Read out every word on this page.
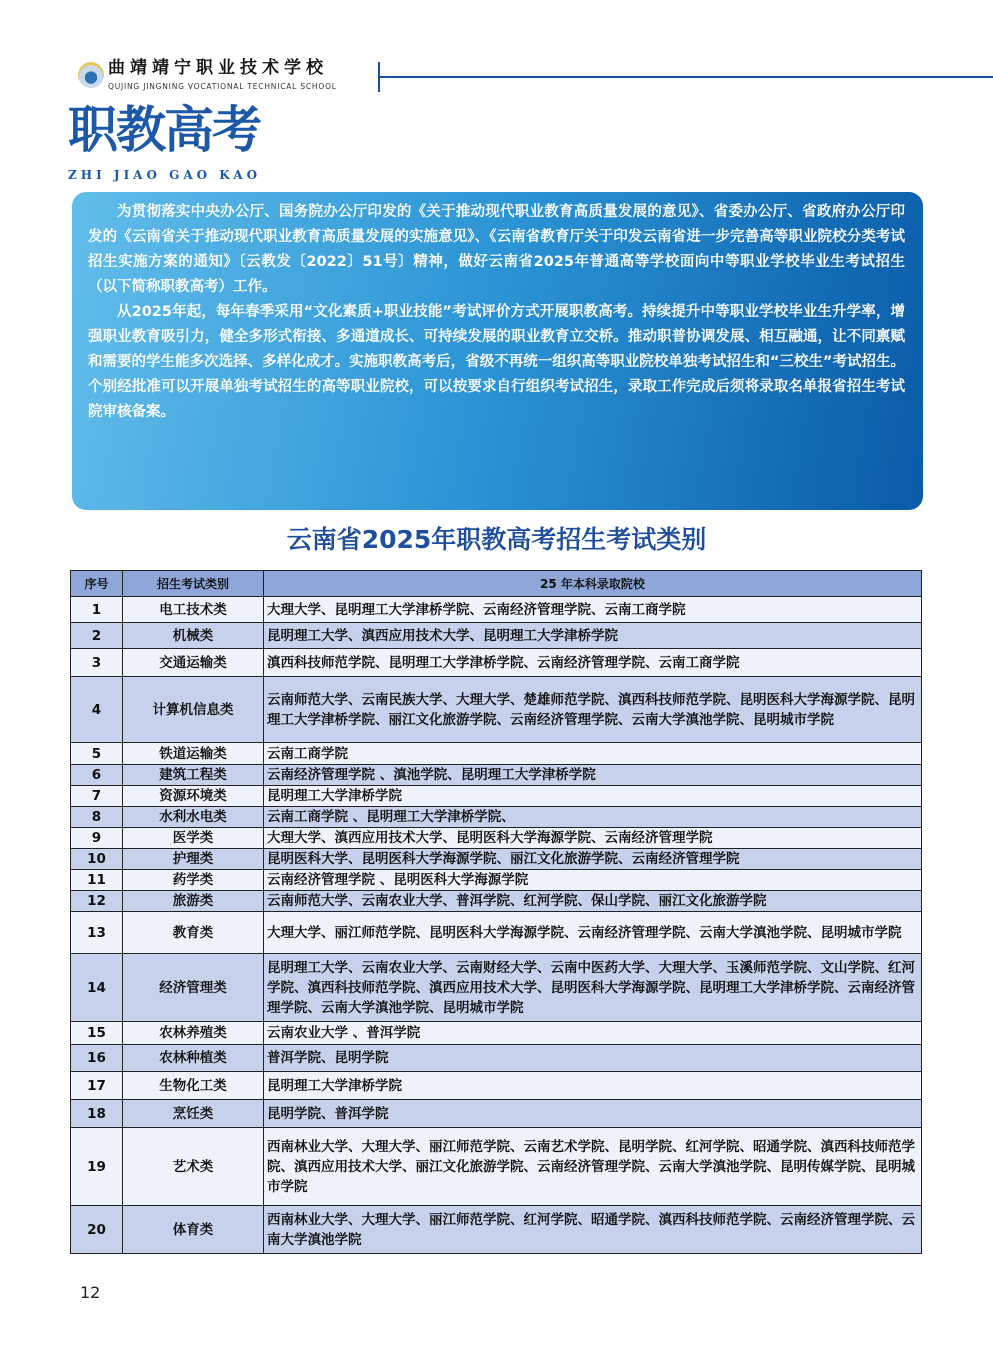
曲靖靖宁职业技术学校
QUJING JINGNING VOCATIONAL TECHNICAL SCHOOL
职教高考
ZHI JIAO GAO KAO

为贯彻落实中央办公厅、国务院办公厅印发的《关于推动现代职业教育高质量发展的意见》、省委办公厅、省政府办公厅印发的《云南省关于推动现代职业教育高质量发展的实施意见》、《云南省教育厅关于印发云南省进一步完善高等职业院校分类考试招生实施方案的通知》〔云教发〔2022〕51号〕精神，做好云南省2025年普通高等学校面向中等职业学校毕业生考试招生（以下简称职教高考）工作。

从2025年起，每年春季采用“文化素质+职业技能”考试评价方式开展职教高考。持续提升中等职业学校毕业生升学率，增强职业教育吸引力，健全多形式衔接、多通道成长、可持续发展的职业教育立交桥。推动职普协调发展、相互融通，让不同禀赋和需要的学生能多次选择、多样化成才。实施职教高考后，省级不再统一组织高等职业院校单独考试招生和“三校生”考试招生。个别经批准可以开展单独考试招生的高等职业院校，可以按要求自行组织考试招生，录取工作完成后须将录取名单报省招生考试院审核备案。

云南省2025年职教高考招生考试类别
序号	招生考试类别	25 年本科录取院校
1	电工技术类	大理大学、昆明理工大学津桥学院、云南经济管理学院、云南工商学院
2	机械类	昆明理工大学、滇西应用技术大学、昆明理工大学津桥学院
3	交通运输类	滇西科技师范学院、昆明理工大学津桥学院、云南经济管理学院、云南工商学院
4	计算机信息类	云南师范大学、云南民族大学、大理大学、楚雄师范学院、滇西科技师范学院、昆明医科大学海源学院、昆明理工大学津桥学院、丽江文化旅游学院、云南经济管理学院、云南大学滇池学院、昆明城市学院
5	铁道运输类	云南工商学院
6	建筑工程类	云南经济管理学院 、滇池学院、昆明理工大学津桥学院
7	资源环境类	昆明理工大学津桥学院
8	水利水电类	云南工商学院 、昆明理工大学津桥学院、
9	医学类	大理大学、滇西应用技术大学、昆明医科大学海源学院、云南经济管理学院
10	护理类	昆明医科大学、昆明医科大学海源学院、丽江文化旅游学院、云南经济管理学院
11	药学类	云南经济管理学院 、昆明医科大学海源学院
12	旅游类	云南师范大学、云南农业大学、普洱学院、红河学院、保山学院、丽江文化旅游学院
13	教育类	大理大学、丽江师范学院、昆明医科大学海源学院、云南经济管理学院、云南大学滇池学院、昆明城市学院
14	经济管理类	昆明理工大学、云南农业大学、云南财经大学、云南中医药大学、大理大学、玉溪师范学院、文山学院、红河学院、滇西科技师范学院、滇西应用技术大学、昆明医科大学海源学院、昆明理工大学津桥学院、云南经济管理学院、云南大学滇池学院、昆明城市学院
15	农林养殖类	云南农业大学 、普洱学院
16	农林种植类	普洱学院、昆明学院
17	生物化工类	昆明理工大学津桥学院
18	烹饪类	昆明学院、普洱学院
19	艺术类	西南林业大学、大理大学、丽江师范学院、云南艺术学院、昆明学院、红河学院、昭通学院、滇西科技师范学院、滇西应用技术大学、丽江文化旅游学院、云南经济管理学院、云南大学滇池学院、昆明传媒学院、昆明城市学院
20	体育类	西南林业大学、大理大学、丽江师范学院、红河学院、昭通学院、滇西科技师范学院、云南经济管理学院、云南大学滇池学院
12
